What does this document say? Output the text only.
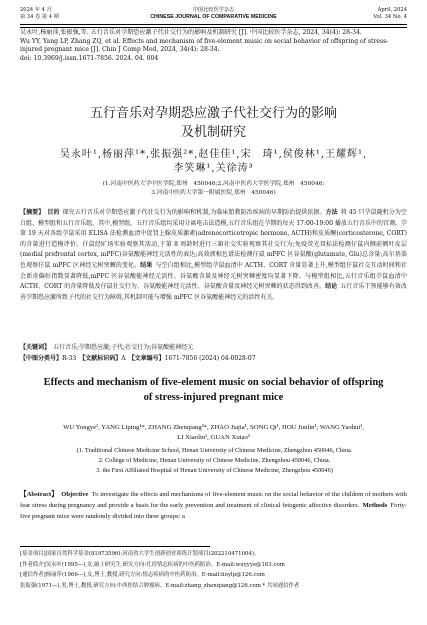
2024 年 4 月
第 34 卷 第 4 期
中国比较医学杂志
CHINESE JOURNAL OF COMPARATIVE MEDICINE
April, 2024
Vol. 34 No. 4

吴永叶,杨丽萍,张振强,等. 五行音乐对孕期恐应激子代社交行为的影响及机制研究 [J]. 中国比较医学杂志, 2024, 34(4): 28-34.

Wu YY, Yang LP, Zhang ZQ, et al. Effects and mechanism of five-element music on social behavior of offspring of stress-injured pregnant mice [J]. Chin J Comp Med, 2024, 34(4): 28-34.

doi: 10.3969/j.issn.1671-7856. 2024. 04. 004

五行音乐对孕期恐应激子代社交行为的影响
及机制研究
吴永叶¹,杨丽萍¹*,张振强²*,赵佳佳¹,宋　琦¹,侯俊林¹,王耀辉¹,
李笑琳¹,关徐涛³
(1.河南中医药大学中医学院,郑州　450046;2.河南中医药大学医学院,郑州　450046;
3.河南中医药大学第一附属医院,郑州　450046)

【摘要】  目的  探究五行音乐对孕期恐应激子代社交行为的影响和机制,为临床胎教防治疾病的早期防治提供依据。方法  将 45 只孕鼠随机分为空白组、模型组和五行音乐组。其中,模型组、五行音乐组均采用分离电击法造模,五行音乐组在孕期的每天 17:00-19:00 播放五行音乐中的宫调。孕第 19 天对各组孕鼠采用 ELISA 法检测血清中促肾上腺皮质激素(adrenocorticotropic hormone, ACTH)和皮质酮(corticosterone, CORT)的含量进行造模评价。仔鼠经旷场实验观察其活动,于第 8 周龄时进行三箱社交实验观察其社交行为;免疫荧光双标法检测仔鼠内侧前额叶皮层(medial prefrontal cortex, mPFC)谷氨酸能神经元活性的表达;高效液相色谱法检测仔鼠 mPFC 区谷氨酸(glutamate, Glu)总含量;高尔基染色观察仔鼠 mPFC 区神经元树突棘的变化。结果  与空白组相比,模型组孕鼠血清中 ACTH、CORT 含量显著上升,模型组仔鼠社交互动时间和社会新奇偏好指数显著降低,mPFC 区谷氨酸能神经元活性、谷氨酸含量及神经元树突棘密度均显著下降。与模型组相比,五行音乐组孕鼠血清中 ACTH、CORT 的含量降低及仔鼠社交行为、谷氨酸能神经元活性、谷氨酸含量及神经元树突棘的状态得到改善。结论  五行音乐干预能够有效改善孕期恐应激所致子代的社交行为障碍,其机制可能与增强 mPFC 区谷氨酸能神经元的活性有关。

【关键词】  五行音乐;孕期恐应激;子代;社交行为;谷氨酸能神经元

【中图分类号】R-33　 【文献标识码】A　 【文章编号】1671-7856 (2024) 04-0028-07

Effects and mechanism of five-element music on social behavior of offspring
of stress-injured pregnant mice
WU Yongye¹, YANG Liping¹*, ZHANG Zhenqiang²*, ZHAO Jiajia¹, SONG Qi¹, HOU Junlin¹, WANG Yaohui¹,
LI Xiaolin¹, GUAN Xutao³

(1. Traditional Chinese Medicine School, Henan University of Chinese Medicine, Zhengzhou 450046, China.

2. College of Medicine, Henan University of Chinese Medicine, Zhengzhou 450046, China.

3. the First Affiliated Hospital of Henan University of Chinese Medicine, Zhengzhou 450046)

【Abstract】  Objective  To investigate the effects and mechanisms of five-element music on the social behavior of the children of mothers with fear stress during pregnancy and provide a basis for the early prevention and treatment of clinical fetogenic affective disorders.  Methods  Forty-five pregnant mice were randomly divided into three groups: a

[基金项目]国家自然科学基金(81973596);河南省大学生创新创业训练计划项目(202210471004)。

[作者简介]吴永叶(1995—),女,硕士研究生,研究方向:孔窍情志疾病的中医药防治。E-mail:wuyyye@163.com

[通信作者]杨丽萍(1966—),女,博士,教授,研究方向:情志疾病的中医药防治。E-mail:lioylp@126.com

张振强(1971—),男,博士,教授,研究方向:中西医结合肿瘤病。E-mail:zhang_zhenqiang@126.com * 共同通信作者
